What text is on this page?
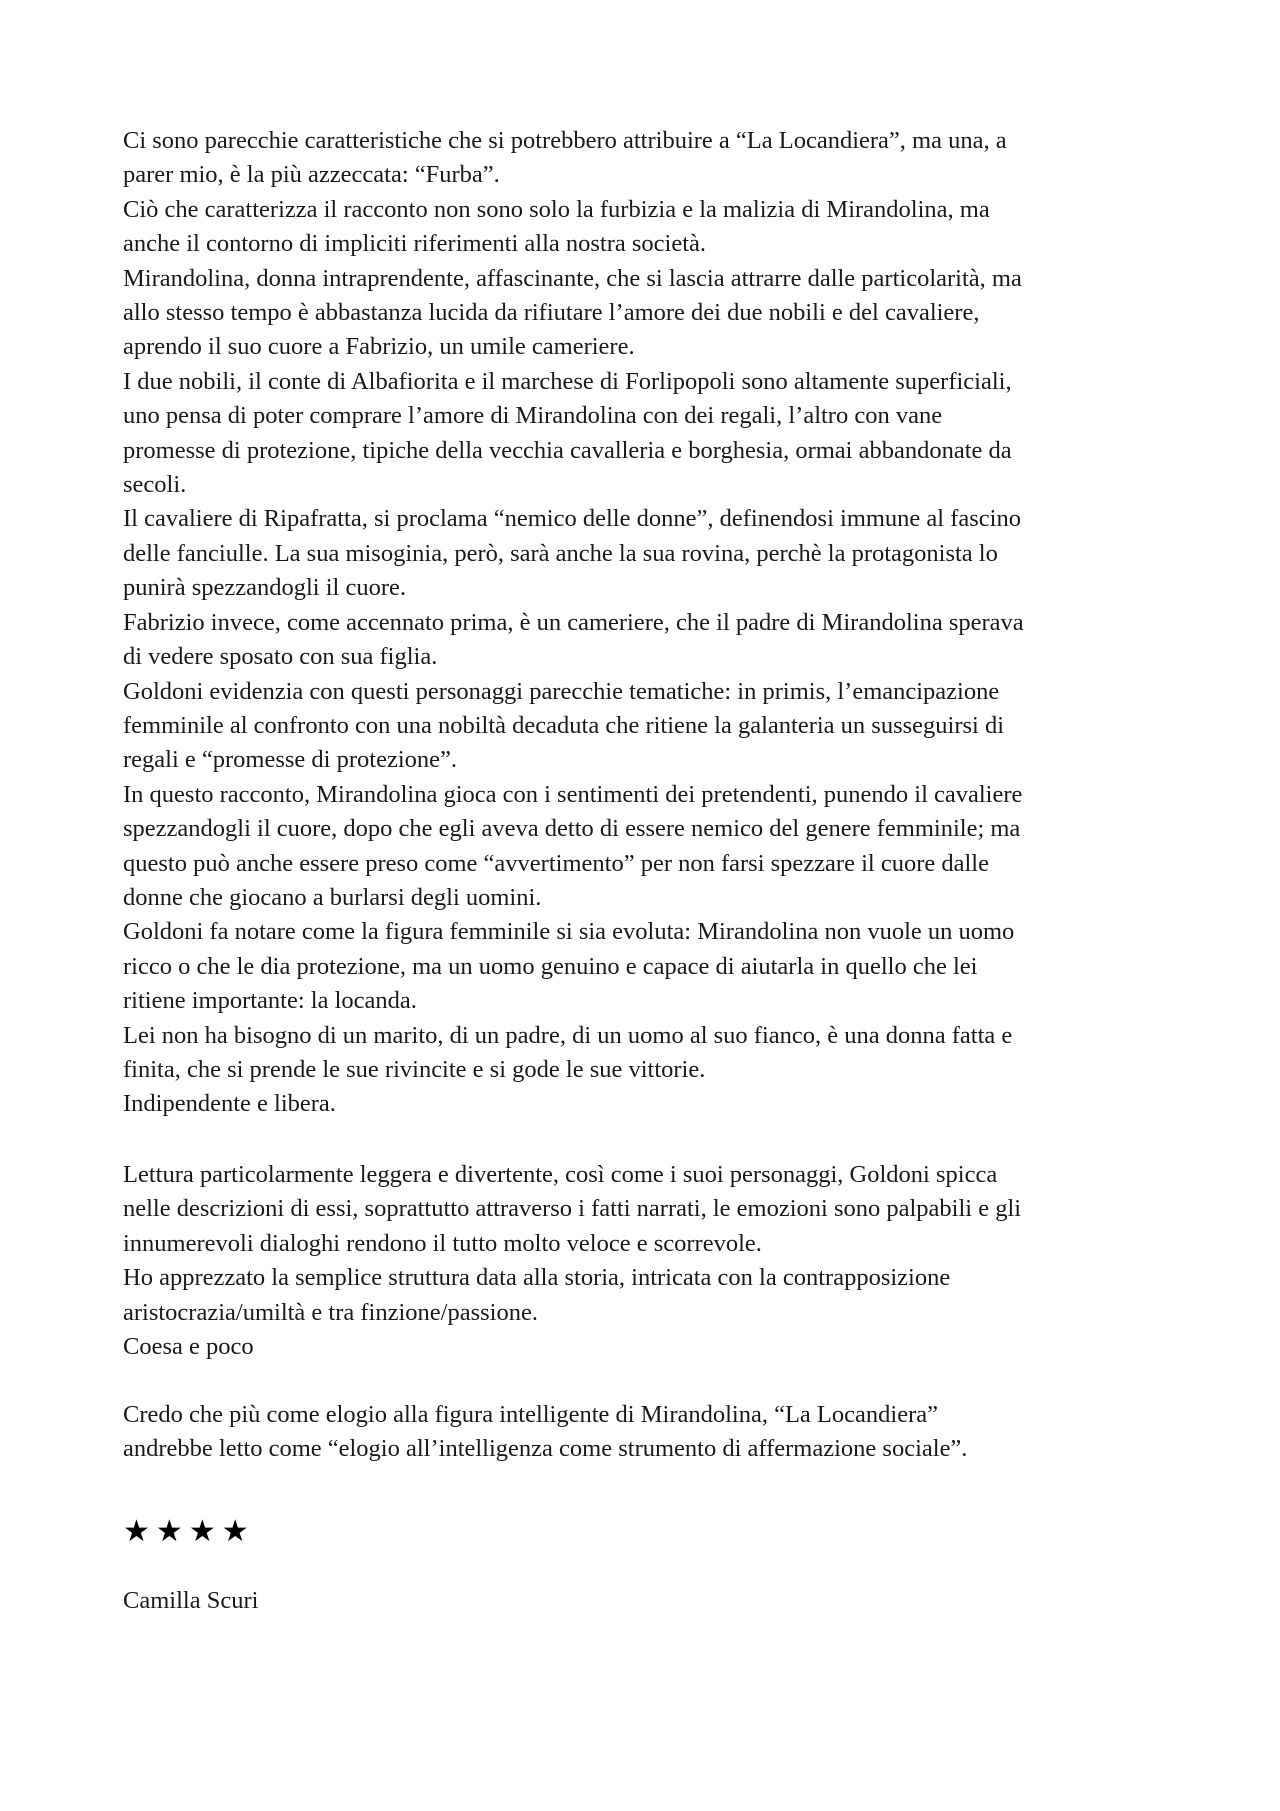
Ci sono parecchie caratteristiche che si potrebbero attribuire a “La Locandiera”, ma una, a
parer mio, è la più azzeccata: “Furba”.
Ciò che caratterizza il racconto non sono solo la furbizia e la malizia di Mirandolina, ma
anche il contorno di impliciti riferimenti alla nostra società.
Mirandolina, donna intraprendente, affascinante, che si lascia attrarre dalle particolarità, ma
allo stesso tempo è abbastanza lucida da rifiutare l’amore dei due nobili e del cavaliere,
aprendo il suo cuore a Fabrizio, un umile cameriere.
I due nobili, il conte di Albafiorita e il marchese di Forlipopoli sono altamente superficiali,
uno pensa di poter comprare l’amore di Mirandolina con dei regali, l’altro con vane
promesse di protezione, tipiche della vecchia cavalleria e borghesia, ormai abbandonate da
secoli.
Il cavaliere di Ripafratta, si proclama “nemico delle donne”, definendosi immune al fascino
delle fanciulle. La sua misoginia, però, sarà anche la sua rovina, perchè la protagonista lo
punirà spezzandogli il cuore.
Fabrizio invece, come accennato prima, è un cameriere, che il padre di Mirandolina sperava
di vedere sposato con sua figlia.
Goldoni evidenzia con questi personaggi parecchie tematiche: in primis, l’emancipazione
femminile al confronto con una nobiltà decaduta che ritiene la galanteria un susseguirsi di
regali e “promesse di protezione”.
In questo racconto, Mirandolina gioca con i sentimenti dei pretendenti, punendo il cavaliere
spezzandogli il cuore, dopo che egli aveva detto di essere nemico del genere femminile; ma
questo può anche essere preso come “avvertimento” per non farsi spezzare il cuore dalle
donne che giocano a burlarsi degli uomini.
Goldoni fa notare come la figura femminile si sia evoluta: Mirandolina non vuole un uomo
ricco o che le dia protezione, ma un uomo genuino e capace di aiutarla in quello che lei
ritiene importante: la locanda.
Lei non ha bisogno di un marito, di un padre, di un uomo al suo fianco, è una donna fatta e
finita, che si prende le sue rivincite e si gode le sue vittorie.
Indipendente e libera.
Lettura particolarmente leggera e divertente, così come i suoi personaggi, Goldoni spicca
nelle descrizioni di essi, soprattutto attraverso i fatti narrati, le emozioni sono palpabili e gli
innumerevoli dialoghi rendono il tutto molto veloce e scorrevole.
Ho apprezzato la semplice struttura data alla storia, intricata con la contrapposizione
aristocrazia/umiltà e tra finzione/passione.
Coesa e poco
Credo che più come elogio alla figura intelligente di Mirandolina, “La Locandiera”
andrebbe letto come “elogio all’intelligenza come strumento di affermazione sociale”.
★ ★ ★ ★
Camilla Scuri
